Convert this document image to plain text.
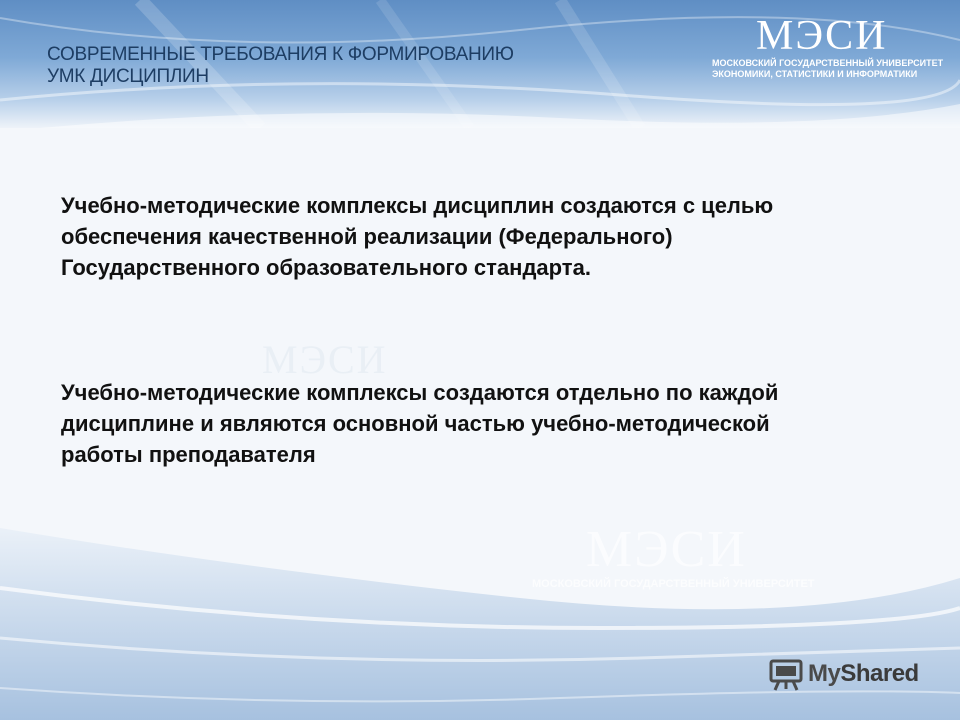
СОВРЕМЕННЫЕ ТРЕБОВАНИЯ К ФОРМИРОВАНИЮ
УМК ДИСЦИПЛИН
МЭСИ
МОСКОВСКИЙ ГОСУДАРСТВЕННЫЙ УНИВЕРСИТЕТ
ЭКОНОМИКИ, СТАТИСТИКИ И ИНФОРМАТИКИ
МЭСИ
МЭСИ
МОСКОВСКИЙ ГОСУДАРСТВЕННЫЙ УНИВЕРСИТЕТ

Учебно-методические комплексы дисциплин создаются с целью обеспечения качественной реализации (Федерального) Государственного образовательного стандарта.

Учебно-методические комплексы создаются отдельно по каждой дисциплине и являются основной частью учебно-методической работы преподавателя

MyShared
